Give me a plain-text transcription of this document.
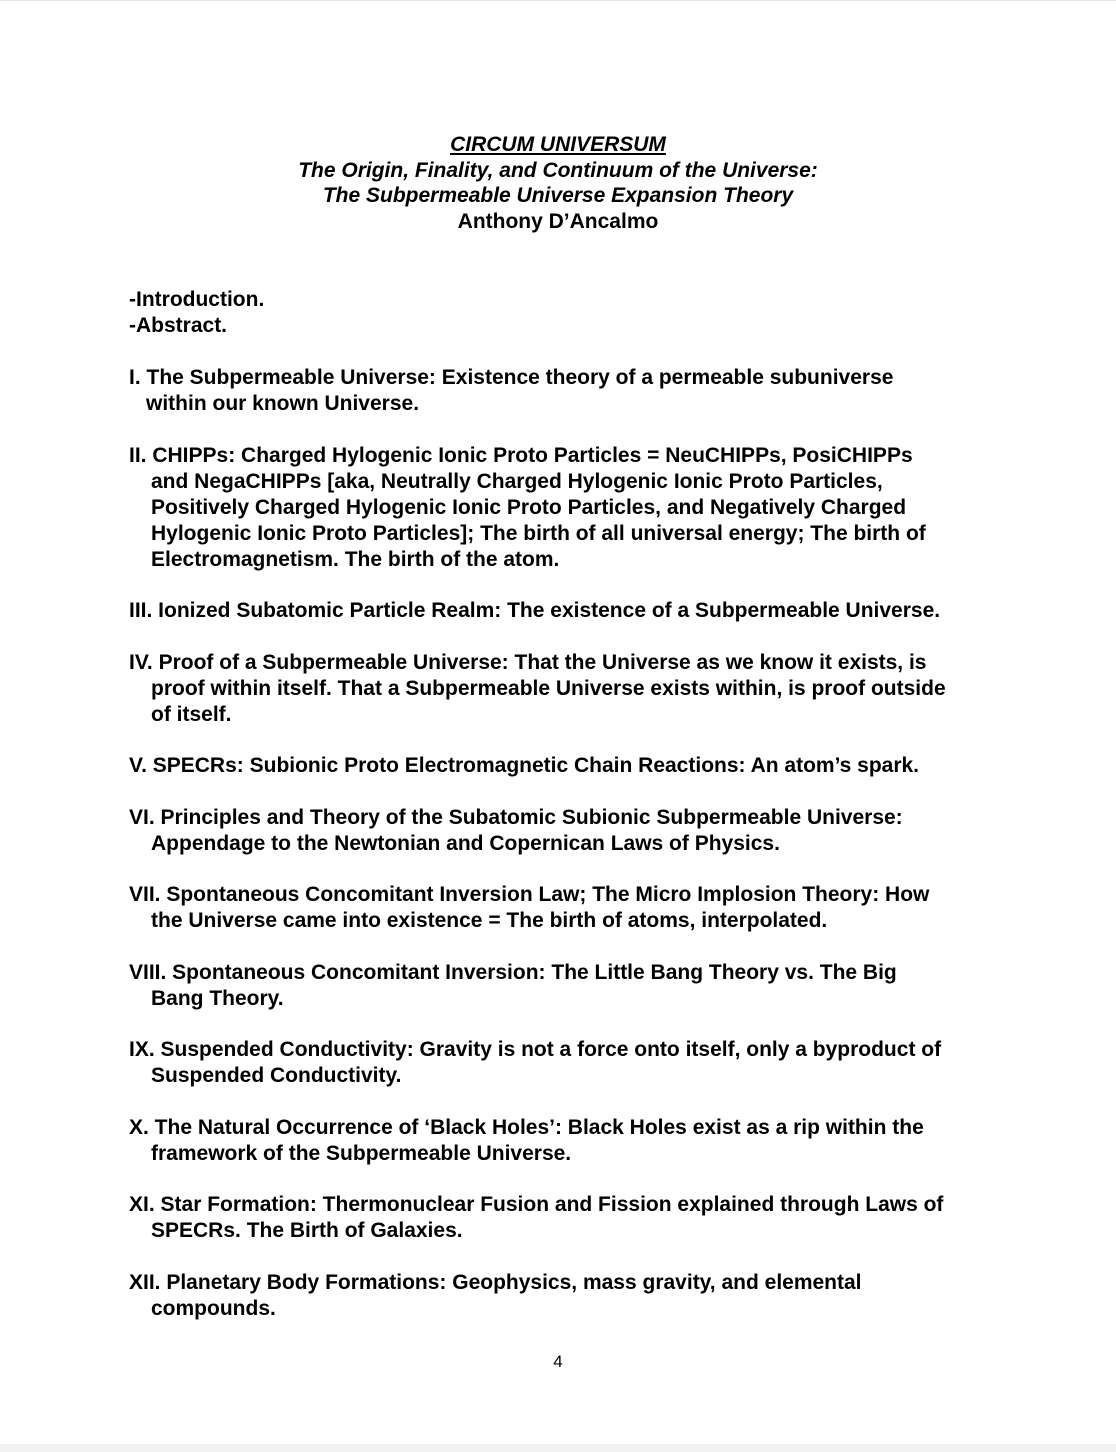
CIRCUM UNIVERSUM
The Origin, Finality, and Continuum of the Universe:
The Subpermeable Universe Expansion Theory
Anthony D’Ancalmo

-Introduction.

-Abstract.

I. The Subpermeable Universe: Existence theory of a permeable subuniverse
within our known Universe.
II. CHIPPs: Charged Hylogenic Ionic Proto Particles = NeuCHIPPs, PosiCHIPPs
and NegaCHIPPs [aka, Neutrally Charged Hylogenic Ionic Proto Particles,
Positively Charged Hylogenic Ionic Proto Particles, and Negatively Charged
Hylogenic Ionic Proto Particles]; The birth of all universal energy; The birth of
Electromagnetism. The birth of the atom.
III. Ionized Subatomic Particle Realm: The existence of a Subpermeable Universe.
IV. Proof of a Subpermeable Universe: That the Universe as we know it exists, is
proof within itself. That a Subpermeable Universe exists within, is proof outside
of itself.
V. SPECRs: Subionic Proto Electromagnetic Chain Reactions: An atom’s spark.
VI. Principles and Theory of the Subatomic Subionic Subpermeable Universe:
Appendage to the Newtonian and Copernican Laws of Physics.
VII. Spontaneous Concomitant Inversion Law; The Micro Implosion Theory: How
the Universe came into existence = The birth of atoms, interpolated.
VIII. Spontaneous Concomitant Inversion: The Little Bang Theory vs. The Big
Bang Theory.
IX. Suspended Conductivity: Gravity is not a force onto itself, only a byproduct of
Suspended Conductivity.
X. The Natural Occurrence of ‘Black Holes’: Black Holes exist as a rip within the
framework of the Subpermeable Universe.
XI. Star Formation: Thermonuclear Fusion and Fission explained through Laws of
SPECRs. The Birth of Galaxies.
XII. Planetary Body Formations: Geophysics, mass gravity, and elemental
compounds.
4
